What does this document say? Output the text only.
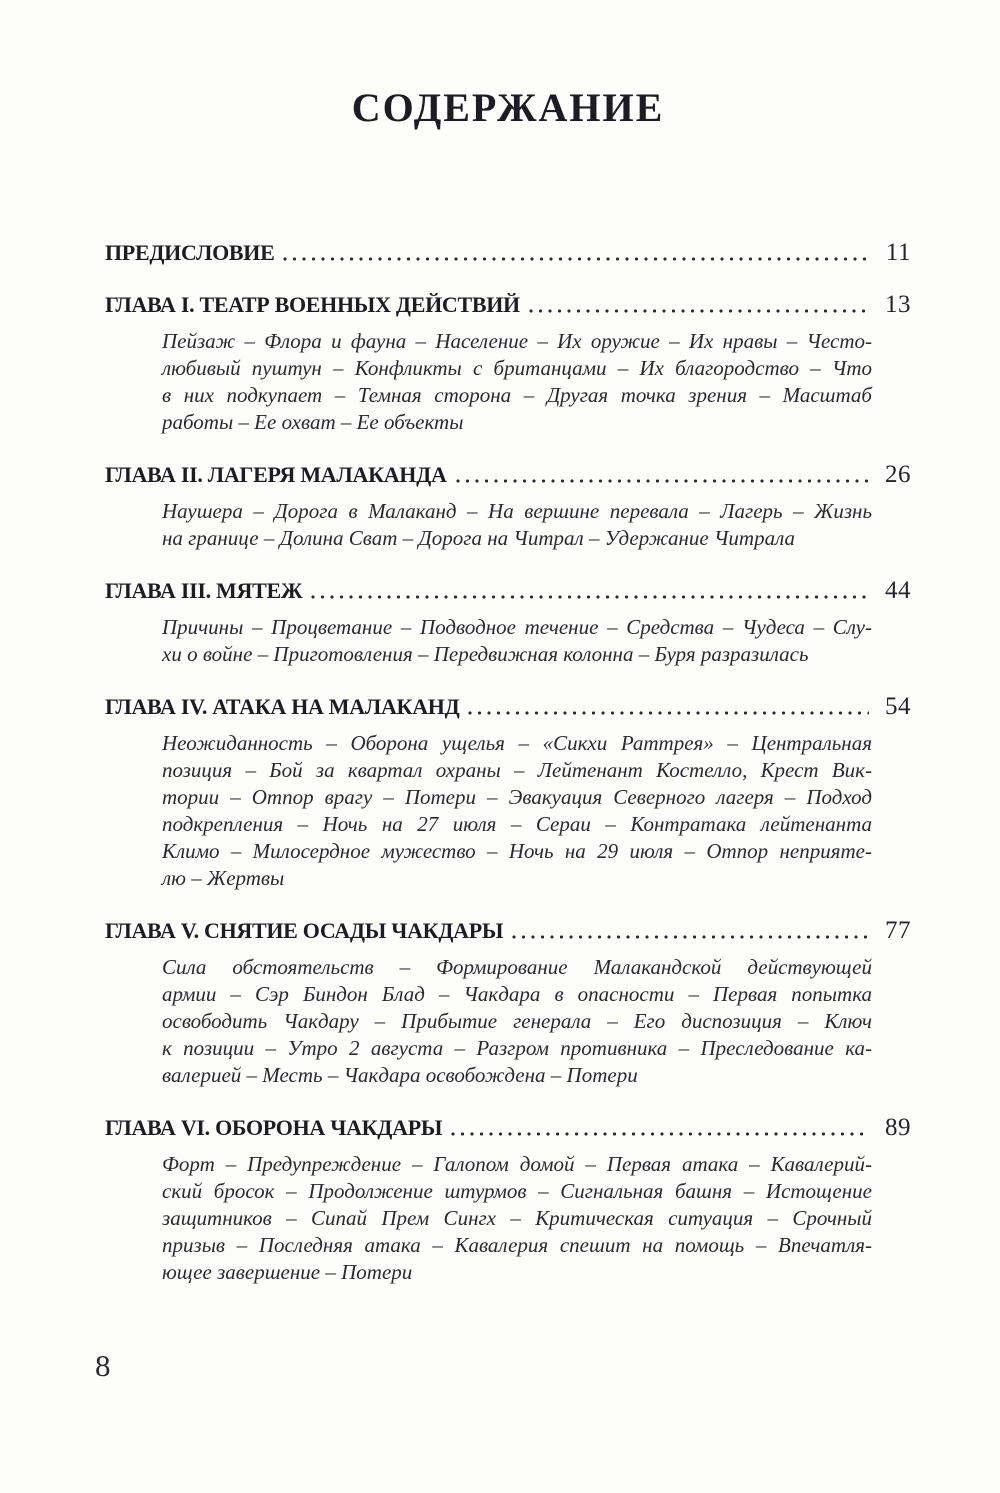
СОДЕРЖАНИЕ
ПРЕДИСЛОВИЕ	11
ГЛАВА I. ТЕАТР ВОЕННЫХ ДЕЙСТВИЙ	13
Пейзаж – Флора и фауна – Население – Их оружие – Их нравы – Често-
любивый пуштун – Конфликты с британцами – Их благородство – Что
в них подкупает – Темная сторона – Другая точка зрения – Масштаб
работы – Ее охват – Ее объекты
ГЛАВА II. ЛАГЕРЯ МАЛАКАНДА	26
Наушера – Дорога в Малаканд – На вершине перевала – Лагерь – Жизнь
на границе – Долина Сват – Дорога на Читрал – Удержание Читрала
ГЛАВА III. МЯТЕЖ	44
Причины – Процветание – Подводное течение – Средства – Чудеса – Слу-
хи о войне – Приготовления – Передвижная колонна – Буря разразилась
ГЛАВА IV. АТАКА НА МАЛАКАНД	54
Неожиданность – Оборона ущелья – «Сикхи Раттрея» – Центральная
позиция – Бой за квартал охраны – Лейтенант Костелло, Крест Вик-
тории – Отпор врагу – Потери – Эвакуация Северного лагеря – Подход
подкрепления – Ночь на 27 июля – Сераи – Контратака лейтенанта
Климо – Милосердное мужество – Ночь на 29 июля – Отпор неприяте-
лю – Жертвы
ГЛАВА V. СНЯТИЕ ОСАДЫ ЧАКДАРЫ	77
Сила обстоятельств – Формирование Малакандской действующей
армии – Сэр Биндон Блад – Чакдара в опасности – Первая попытка
освободить Чакдару – Прибытие генерала – Его диспозиция – Ключ
к позиции – Утро 2 августа – Разгром противника – Преследование ка-
валерией – Месть – Чакдара освобождена – Потери
ГЛАВА VI. ОБОРОНА ЧАКДАРЫ	89
Форт – Предупреждение – Галопом домой – Первая атака – Кавалерий-
ский бросок – Продолжение штурмов – Сигнальная башня – Истощение
защитников – Сипай Прем Сингх – Критическая ситуация – Срочный
призыв – Последняя атака – Кавалерия спешит на помощь – Впечатля-
ющее завершение – Потери
8
